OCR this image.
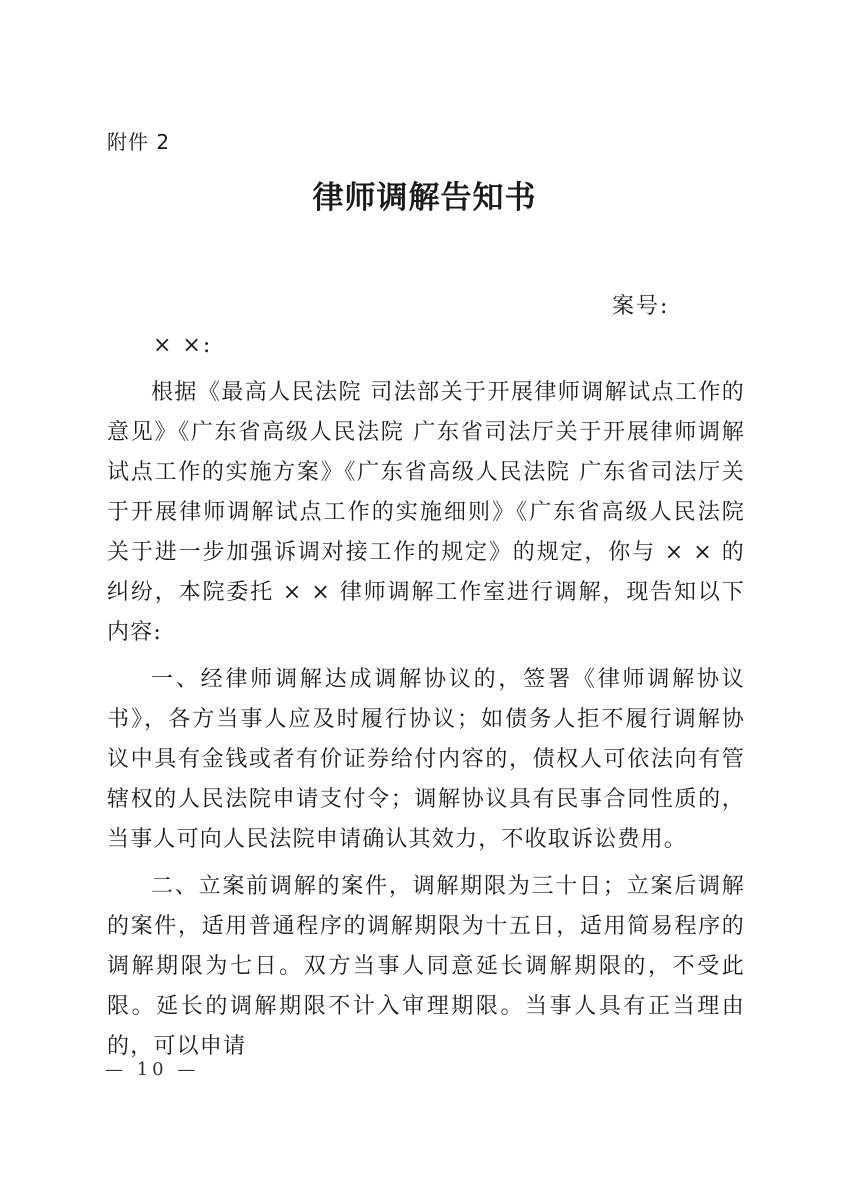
附件 2
律师调解告知书
案号:

× ×:

根据《最高人民法院 司法部关于开展律师调解试点工作的意见》《广东省高级人民法院 广东省司法厅关于开展律师调解试点工作的实施方案》《广东省高级人民法院 广东省司法厅关于开展律师调解试点工作的实施细则》《广东省高级人民法院关于进一步加强诉调对接工作的规定》的规定，你与 × × 的纠纷，本院委托 × × 律师调解工作室进行调解，现告知以下内容:

一、经律师调解达成调解协议的，签署《律师调解协议书》，各方当事人应及时履行协议；如债务人拒不履行调解协议中具有金钱或者有价证券给付内容的，债权人可依法向有管辖权的人民法院申请支付令；调解协议具有民事合同性质的，当事人可向人民法院申请确认其效力，不收取诉讼费用。

二、立案前调解的案件，调解期限为三十日；立案后调解的案件，适用普通程序的调解期限为十五日，适用简易程序的调解期限为七日。双方当事人同意延长调解期限的，不受此限。延长的调解期限不计入审理期限。当事人具有正当理由的，可以申请

— 10 —
